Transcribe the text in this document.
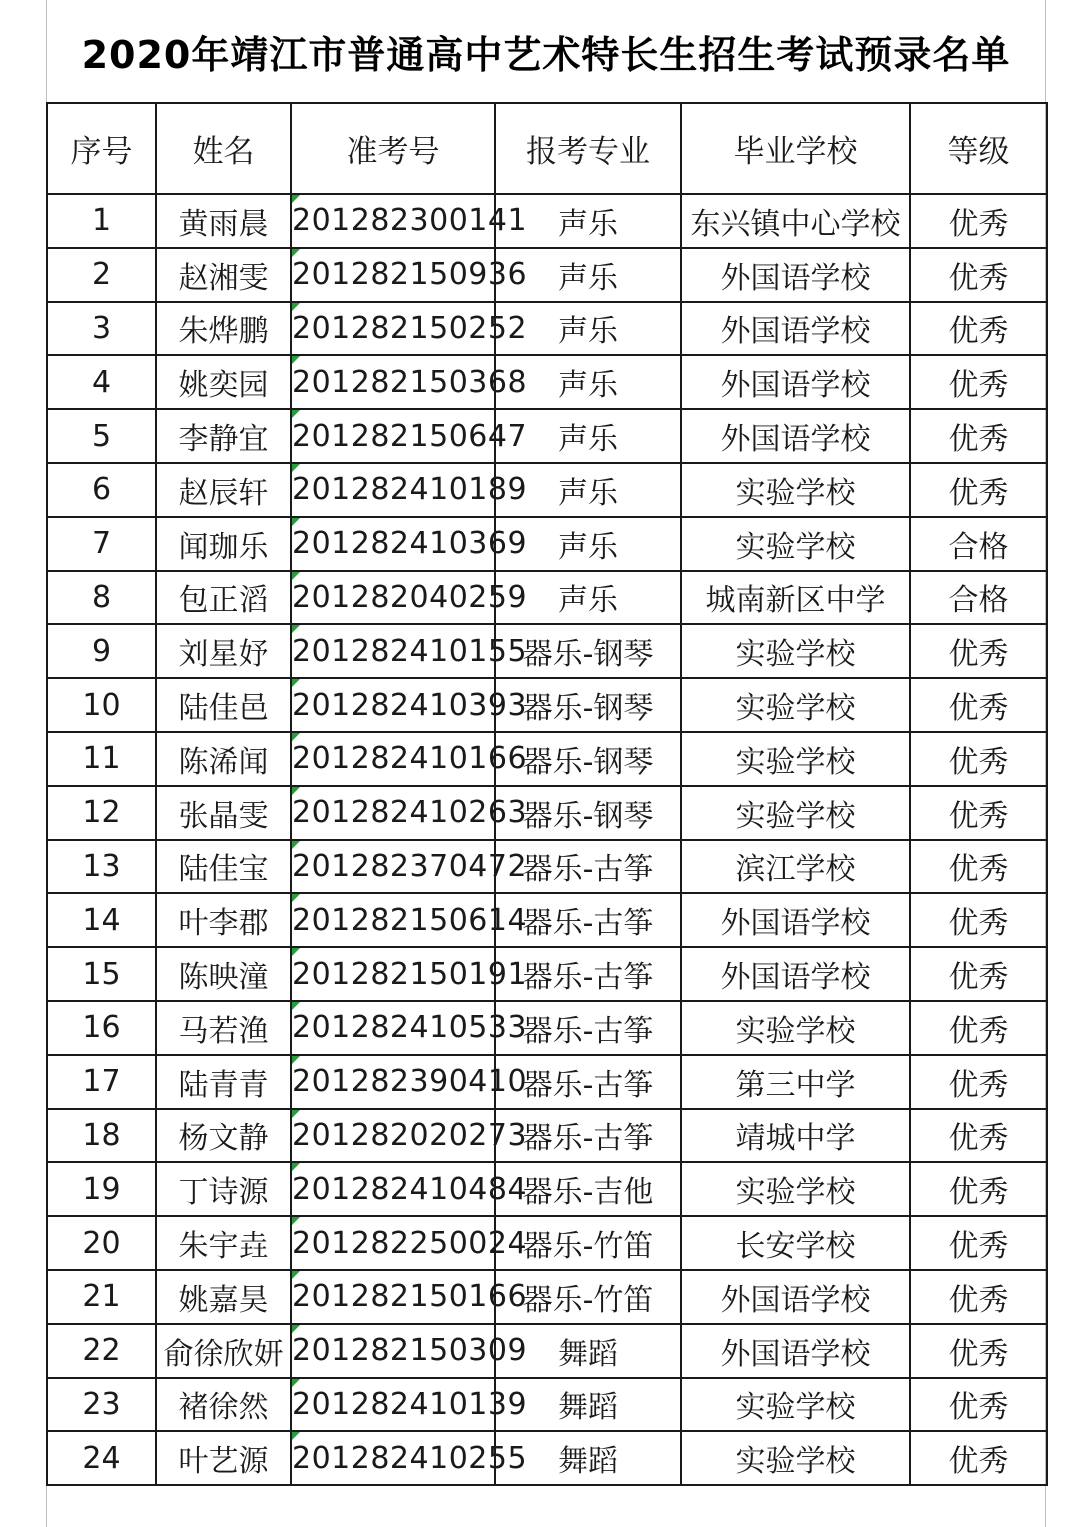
2020年靖江市普通高中艺术特长生招生考试预录名单
序号	姓名	准考号	报考专业	毕业学校	等级
1	黄雨晨	201282300141	声乐	东兴镇中心学校	优秀
2	赵湘雯	201282150936	声乐	外国语学校	优秀
3	朱烨鹏	201282150252	声乐	外国语学校	优秀
4	姚奕园	201282150368	声乐	外国语学校	优秀
5	李静宜	201282150647	声乐	外国语学校	优秀
6	赵辰轩	201282410189	声乐	实验学校	优秀
7	闻珈乐	201282410369	声乐	实验学校	合格
8	包正滔	201282040259	声乐	城南新区中学	合格
9	刘星妤	201282410155	器乐-钢琴	实验学校	优秀
10	陆佳邑	201282410393	器乐-钢琴	实验学校	优秀
11	陈浠闻	201282410166	器乐-钢琴	实验学校	优秀
12	张晶雯	201282410263	器乐-钢琴	实验学校	优秀
13	陆佳宝	201282370472	器乐-古筝	滨江学校	优秀
14	叶李郡	201282150614	器乐-古筝	外国语学校	优秀
15	陈映潼	201282150191	器乐-古筝	外国语学校	优秀
16	马若渔	201282410533	器乐-古筝	实验学校	优秀
17	陆青青	201282390410	器乐-古筝	第三中学	优秀
18	杨文静	201282020273	器乐-古筝	靖城中学	优秀
19	丁诗源	201282410484	器乐-吉他	实验学校	优秀
20	朱宇垚	201282250024	器乐-竹笛	长安学校	优秀
21	姚嘉昊	201282150166	器乐-竹笛	外国语学校	优秀
22	俞徐欣妍	201282150309	舞蹈	外国语学校	优秀
23	褚徐然	201282410139	舞蹈	实验学校	优秀
24	叶艺源	201282410255	舞蹈	实验学校	优秀
